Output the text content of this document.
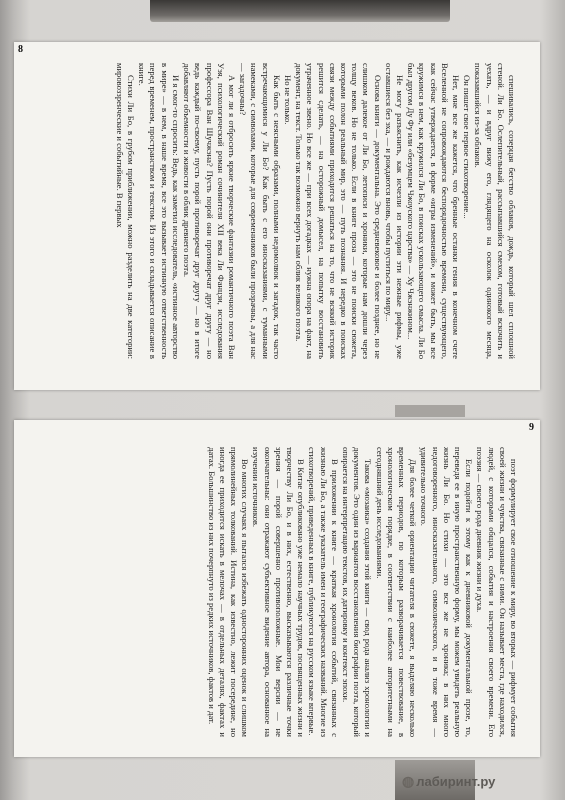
8

спешивались, созерцая бегство облаков, дождь, который шел сплошной стеной. Ли Бо. Ослепительный, рассыпавшийся смехом, готовый вскочить и уехать, — и вдруг вижу его, глядящего на осколок одинокого месяца, показавшийся из-за облаков.

Он пишет свое первое стихотворение...

Нет, мне все же кажется, что бренные останки гения в конечном счете Вселенной не сопровождаются беспорядочностью времени, существующего, как сейчас утверждается, в форме «игры изменений», и может быть, мы все кружимся в нем, как кружился Ли Бо, в поисках ускользающего смысла. Ли Бо был другом Ду Фу или «безумцем Чжоуского царства» — Ху Чжэнжином...

Не могу разъяснить, как исчезли из истории эти нежные рифмы, уже оставшиеся без эха, — и рождаются вновь, чтобы пуститься по миру...

Основа книги — документальна. Это средневековое и более позднее, но не слишком далекое от Ли Бо, летописи и хроники, которые нам дошли через толщу веков. Но не только. Если в книге проза — это не поиски сюжета, которыми полон реальный мир, это — путь познания. И нередко в поисках связи между событиями приходится решаться на то, что не всякий историк решится сделать, — на осторожный домысел, на попытку восстановить утраченное звено. Но все же — при всех догадках — нужна опора на факт, на документ, на текст. Только так возможно вернуть нам облик великого поэта.

Но не только.

Как быть с неясными образами, полными недомолвок и загадок, так часто встречающимися у Ли Бо? Как быть с его иносказаниями, с туманными намеками, с символами, которые для современников были прозрачны, а для нас — загадочны?

А мог ли я отбросить яркие творческие фантазии романтичного поэта Ван Уэя, психологический роман сочинителя XII века Ли Фанцзи, исследования профессора Ван Шучжэна? Пусть порой они противоречат друг другу — но ведь каждый по-своему, пусть порой противоречат друг другу — но в итоге добавляют объемности и живости в облик древнего поэта.

И я смог-то спросить: Ведь, как заметил исследователь, «истинное авторство в мире» — в нем, в наше время, все это вызывает истинную ответственность перед временем, пространством и текстом. Из этого и складывается описание в книге.

Стихи Ли Бо, в грубом приближении, можно разделить на две категории: мировоззренческие и событийные. В первых

9

поэт формулирует свое отношение к миру, во вторых — рифмует события своей жизни и чувства, связанные с ними. Он называет места, где находился, людей, с которыми общался, события и настроения своего времени. Его поэзия — своего рода дневник жизни и духа.

Если подойти к этому как к дневниковой документальной прозе, то, переведя ее в иную пространственную форму, мы можем увидеть реальную жизнь Ли Бо. Но стихи — это все же не хроника; в них много недоговоренного, иносказательного, символического, и в тоже время — удивительно точного.

Для более четкой ориентации читателя в сюжете, я выделяю несколько временных периодов, по которым разворачивается повествование, в хронологическом порядке, в соответствии с наиболее авторитетными на сегодняшний день исследованиями.

Такова «мозаика» создания этой книги — свод рода анализ хронологии и документов. Это один из вариантов восстановления биографии поэта, который опирается на интерпретацию текстов, их датировку и контекст эпохи.

В приложении к книге — краткая хронология событий, связанных с жизнью Ли Бо, а также указатель имен и географических названий. Многие из стихотворений, приведенных в книге, публикуются на русском языке впервые.

В Китае опубликовано уже немало научных трудов, посвященных жизни и творчеству Ли Бо, и в них, естественно, высказываются различные точки зрения — порой совершенно противоположные. Мои версии — не окончательны: они отражают субъективное видение автора, основанное на изучении источников.

Во многих случаях я пытался избежать односторонних оценок и слишком прямолинейных толкований. Истина, как известно, лежит посередине, но иногда ее приходится искать в мелочах — в отдельных деталях, фактах и датах. Большинство из них почерпнуто из редких источников, фактов и дат.

◍ лабиринт.ру
